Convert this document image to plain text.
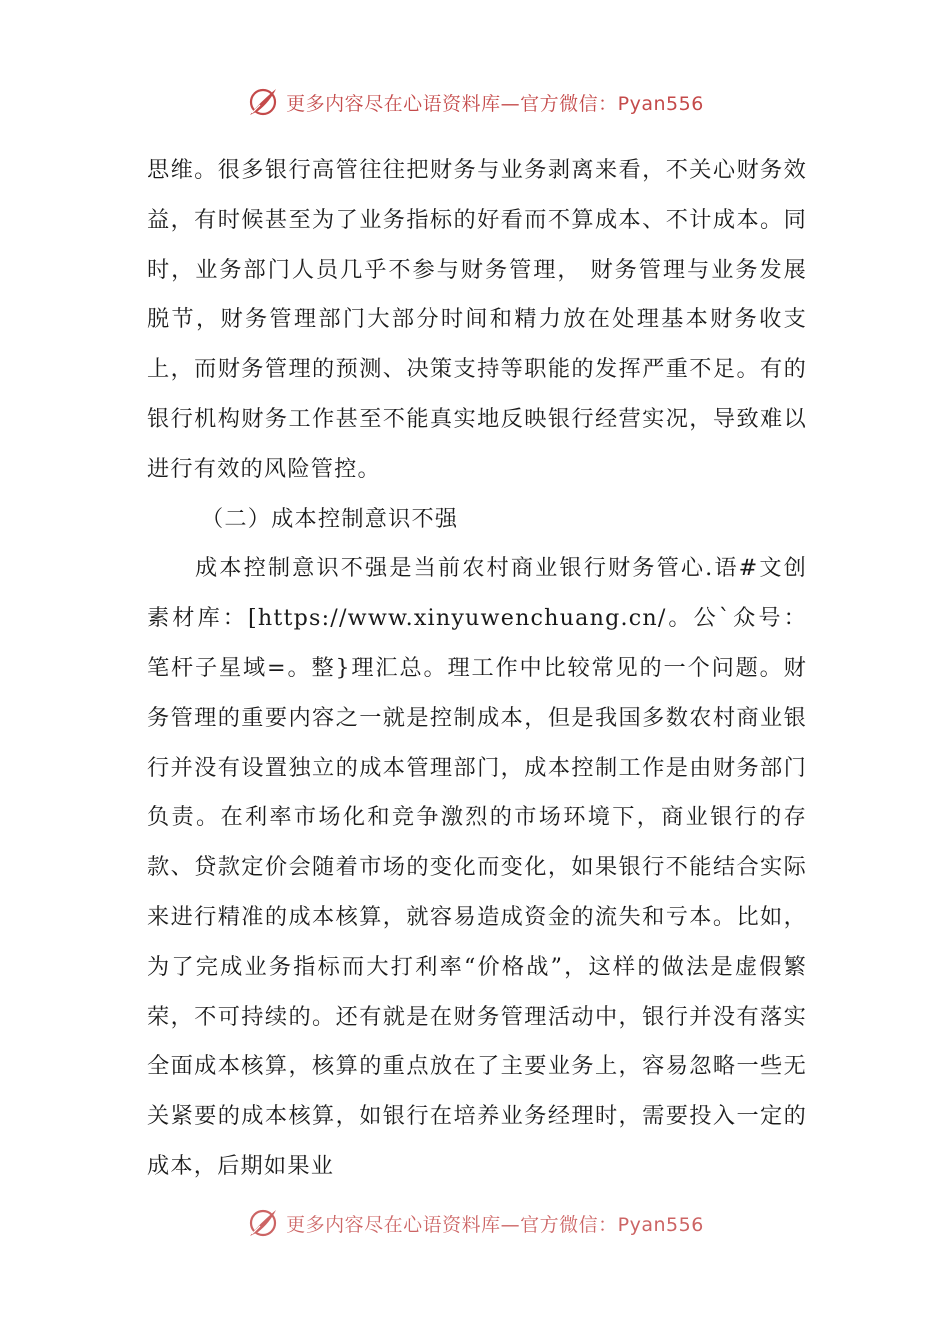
更多内容尽在心语资料库—官方微信：Pyan556

思维。很多银行高管往往把财务与业务剥离来看，不关心财务效益，有时候甚至为了业务指标的好看而不算成本、不计成本。同时，业务部门人员几乎不参与财务管理， 财务管理与业务发展脱节，财务管理部门大部分时间和精力放在处理基本财务收支上，而财务管理的预测、决策支持等职能的发挥严重不足。有的银行机构财务工作甚至不能真实地反映银行经营实况，导致难以进行有效的风险管控。

（二）成本控制意识不强

成本控制意识不强是当前农村商业银行财务管心.语#文创素材库：[https://www.xinyuwenchuang.cn/。公`众号：笔杆子星域=。整}理汇总。理工作中比较常见的一个问题。财务管理的重要内容之一就是控制成本，但是我国多数农村商业银行并没有设置独立的成本管理部门，成本控制工作是由财务部门负责。在利率市场化和竞争激烈的市场环境下，商业银行的存款、贷款定价会随着市场的变化而变化，如果银行不能结合实际来进行精准的成本核算，就容易造成资金的流失和亏本。比如，为了完成业务指标而大打利率“价格战”，这样的做法是虚假繁荣，不可持续的。还有就是在财务管理活动中，银行并没有落实全面成本核算，核算的重点放在了主要业务上，容易忽略一些无关紧要的成本核算，如银行在培养业务经理时，需要投入一定的成本，后期如果业

更多内容尽在心语资料库—官方微信：Pyan556
